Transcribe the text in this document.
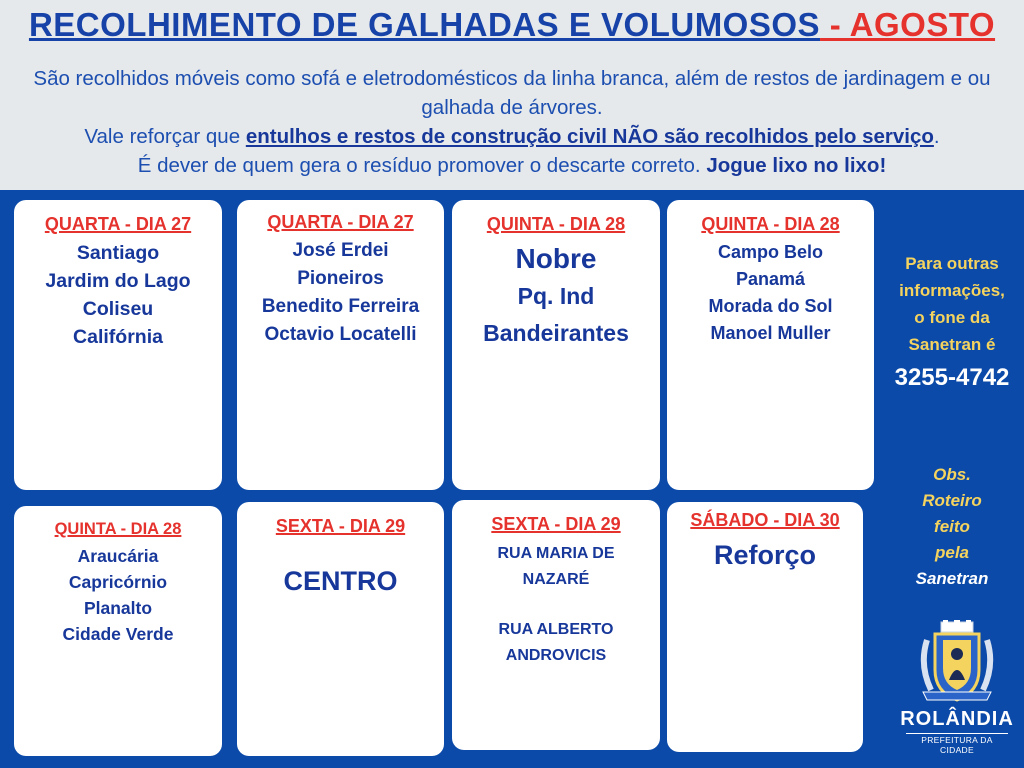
RECOLHIMENTO DE GALHADAS E VOLUMOSOS - AGOSTO
São recolhidos móveis como sofá e eletrodomésticos da linha branca, além de restos de jardinagem e ou galhada de árvores.
Vale reforçar que entulhos e restos de construção civil NÃO são recolhidos pelo serviço.
É dever de quem gera o resíduo promover o descarte correto. Jogue lixo no lixo!
QUARTA - DIA 27
Santiago
Jardim do Lago
Coliseu
Califórnia
QUARTA - DIA 27
José Erdei
Pioneiros
Benedito Ferreira
Octavio Locatelli
QUINTA - DIA 28
Nobre
Pq. Ind
Bandeirantes
QUINTA - DIA 28
Campo Belo
Panamá
Morada do Sol
Manoel Muller
QUINTA - DIA 28
Araucária
Capricórnio
Planalto
Cidade Verde
SEXTA - DIA 29
CENTRO
SEXTA - DIA 29
RUA MARIA DE
NAZARÉ
RUA ALBERTO
ANDROVICIS
SÁBADO - DIA 30
Reforço
Para outras
informações,
o fone da
Sanetran é
3255-4742
Obs.
Roteiro
feito
pela
Sanetran
ROLÂNDIA
PREFEITURA DA CIDADE
